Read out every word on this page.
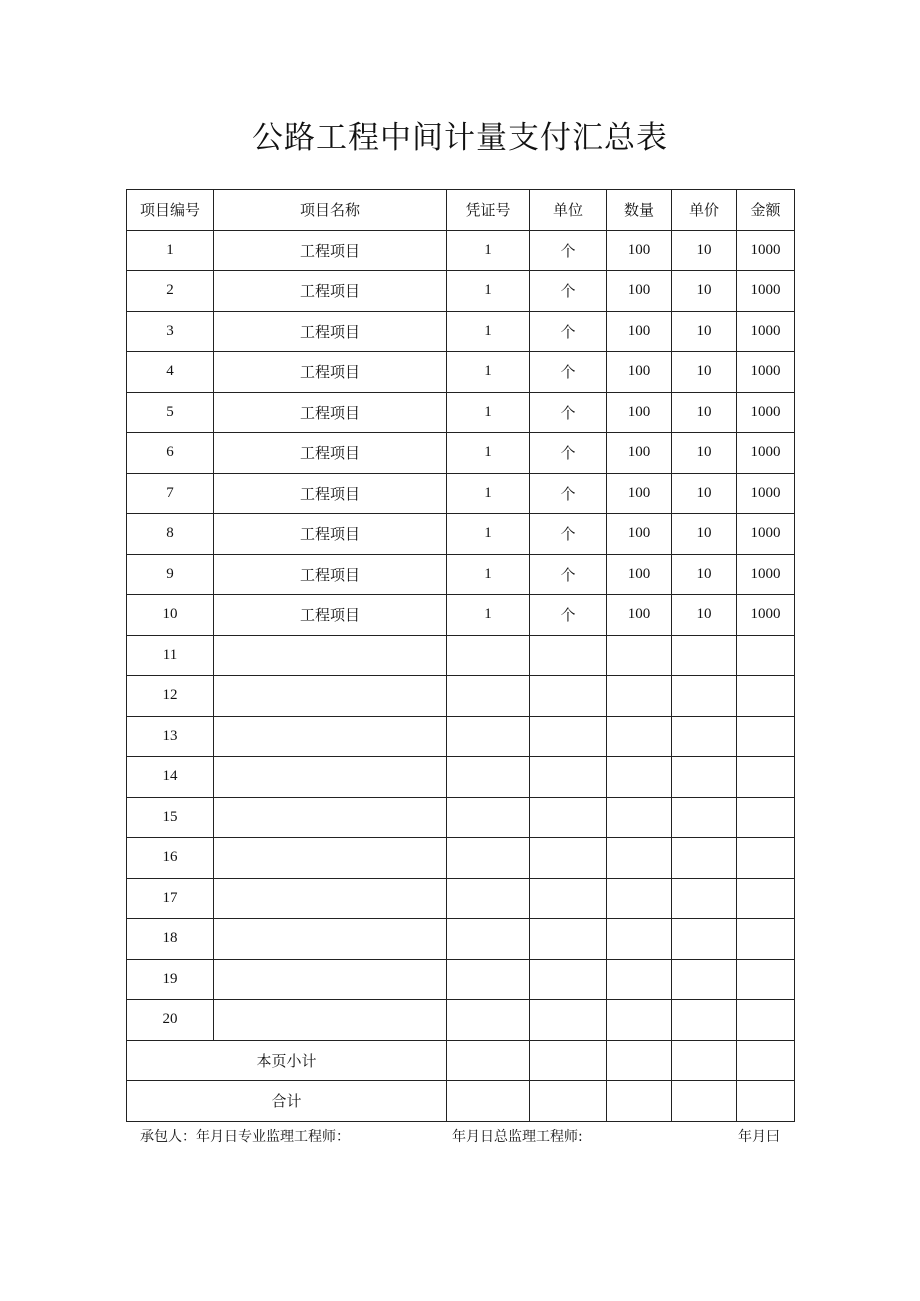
公路工程中间计量支付汇总表
项目编号	项目名称	凭证号	单位	数量	单价	金额
1	工程项目	1	个	100	10	1000
2	工程项目	1	个	100	10	1000
3	工程项目	1	个	100	10	1000
4	工程项目	1	个	100	10	1000
5	工程项目	1	个	100	10	1000
6	工程项目	1	个	100	10	1000
7	工程项目	1	个	100	10	1000
8	工程项目	1	个	100	10	1000
9	工程项目	1	个	100	10	1000
10	工程项目	1	个	100	10	1000
11						
12						
13						
14						
15						
16						
17						
18						
19						
20						
本页小计						
合计						
承包人：年月日专业监理工程师：	年月日总监理工程师:	年月曰
